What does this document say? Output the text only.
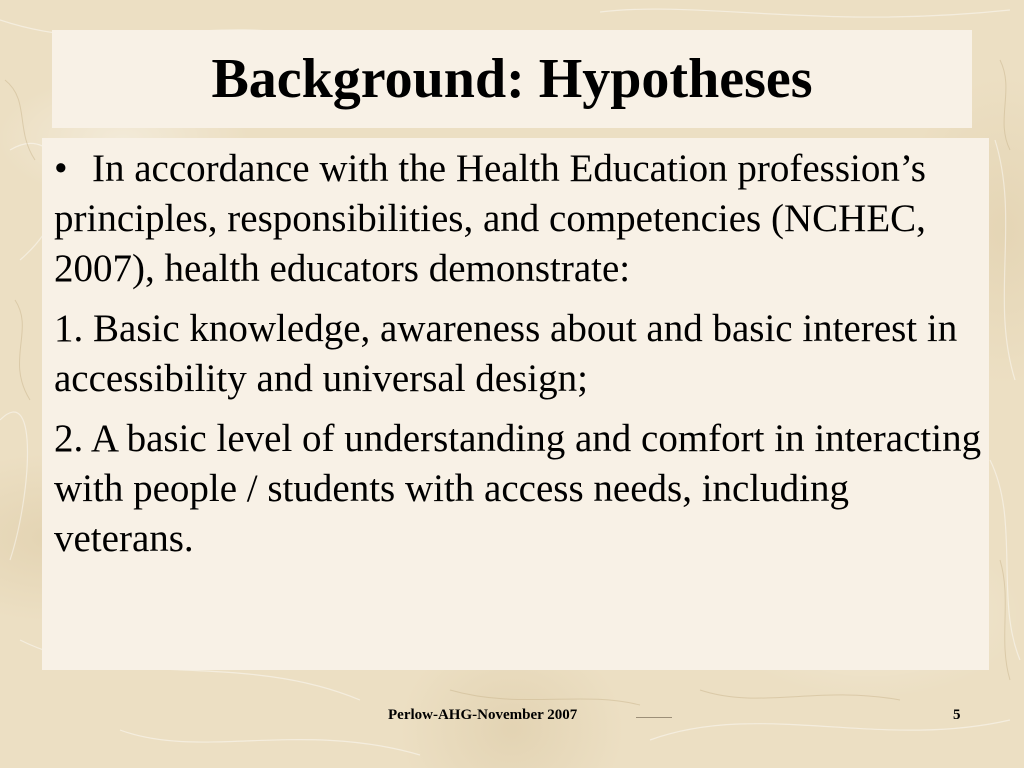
Background: Hypotheses

• In accordance with the Health Education profession’s principles, responsibilities, and competencies (NCHEC, 2007), health educators demonstrate:

1. Basic knowledge, awareness about and basic interest in accessibility and universal design;

2. A basic level of understanding and comfort in interacting with people / students with access needs, including veterans.

Perlow-AHG-November 2007	5
